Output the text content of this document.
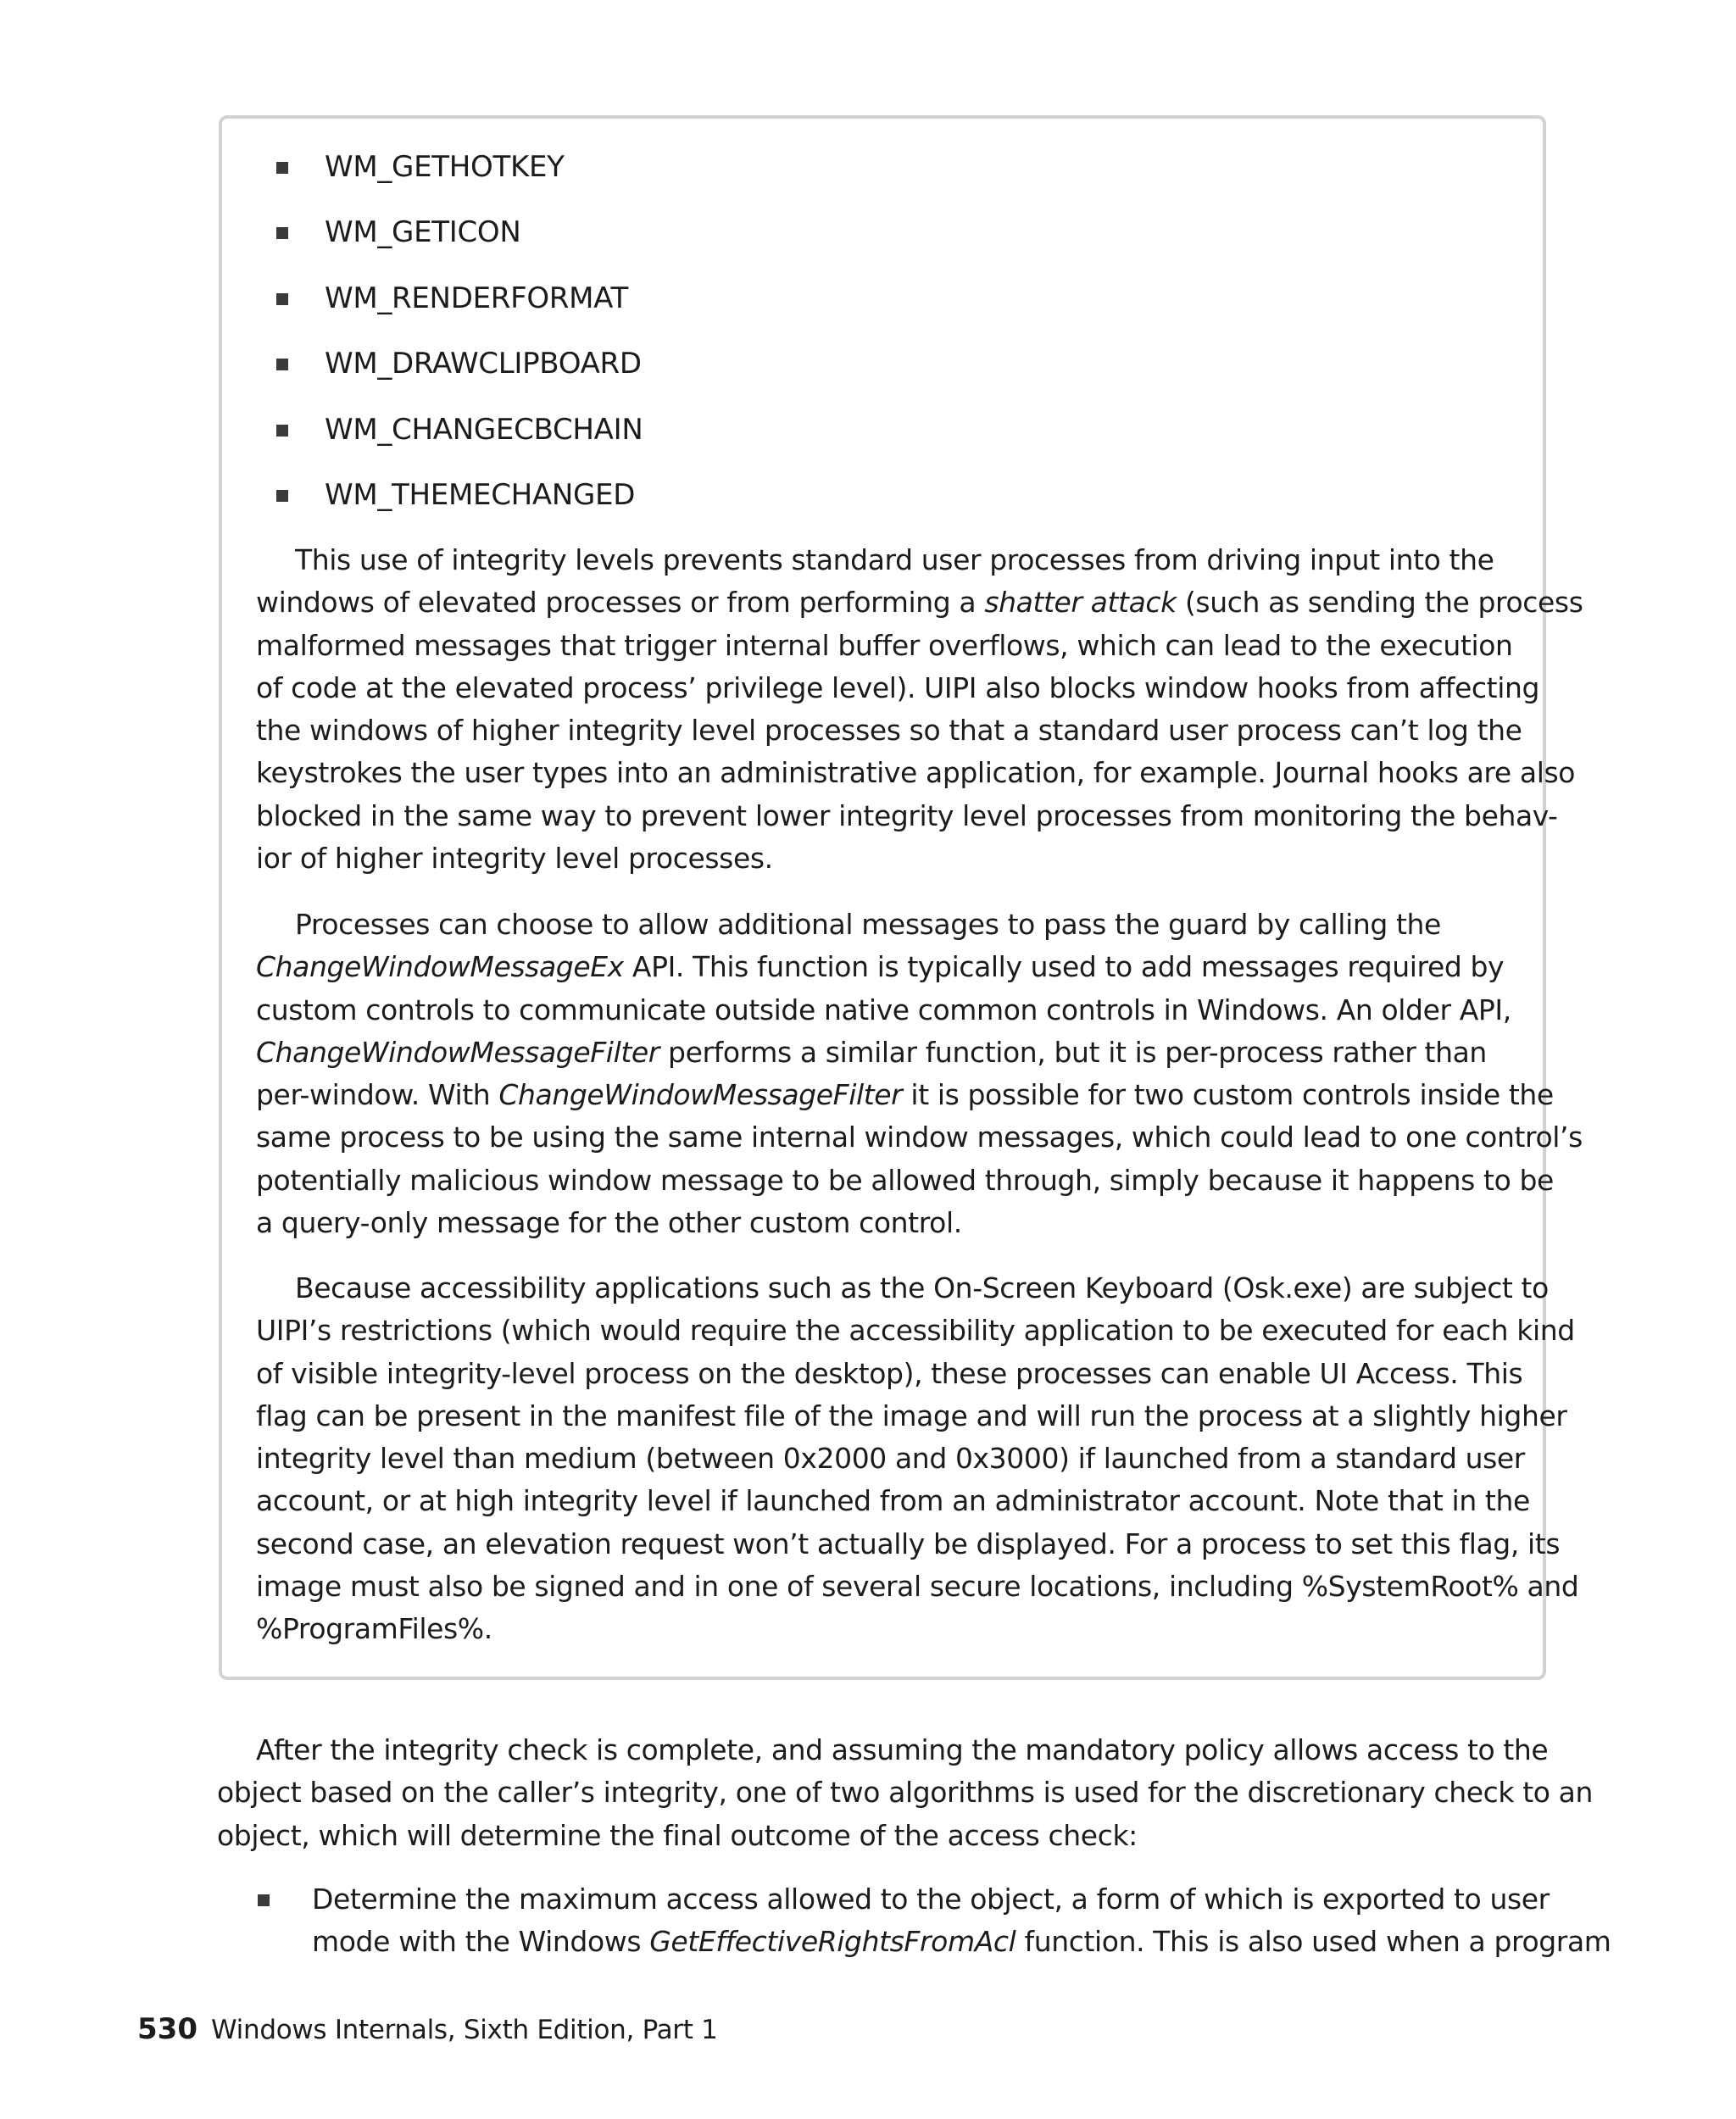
WM_GETHOTKEY
WM_GETICON
WM_RENDERFORMAT
WM_DRAWCLIPBOARD
WM_CHANGECBCHAIN
WM_THEMECHANGED

This use of integrity levels prevents standard user processes from driving input into the
windows of elevated processes or from performing a shatter attack (such as sending the process
malformed messages that trigger internal buffer overflows, which can lead to the execution
of code at the elevated process’ privilege level). UIPI also blocks window hooks from affecting
the windows of higher integrity level processes so that a standard user process can’t log the
keystrokes the user types into an administrative application, for example. Journal hooks are also
blocked in the same way to prevent lower integrity level processes from monitoring the behav-
ior of higher integrity level processes.

Processes can choose to allow additional messages to pass the guard by calling the
ChangeWindowMessageEx API. This function is typically used to add messages required by
custom controls to communicate outside native common controls in Windows. An older API,
ChangeWindowMessageFilter performs a similar function, but it is per-process rather than
per-window. With ChangeWindowMessageFilter it is possible for two custom controls inside the
same process to be using the same internal window messages, which could lead to one control’s
potentially malicious window message to be allowed through, simply because it happens to be
a query-only message for the other custom control.

Because accessibility applications such as the On-Screen Keyboard (Osk.exe) are subject to
UIPI’s restrictions (which would require the accessibility application to be executed for each kind
of visible integrity-level process on the desktop), these processes can enable UI Access. This
flag can be present in the manifest file of the image and will run the process at a slightly higher
integrity level than medium (between 0x2000 and 0x3000) if launched from a standard user
account, or at high integrity level if launched from an administrator account. Note that in the
second case, an elevation request won’t actually be displayed. For a process to set this flag, its
image must also be signed and in one of several secure locations, including %SystemRoot% and
%ProgramFiles%.

After the integrity check is complete, and assuming the mandatory policy allows access to the
object based on the caller’s integrity, one of two algorithms is used for the discretionary check to an
object, which will determine the final outcome of the access check:

Determine the maximum access allowed to the object, a form of which is exported to user
mode with the Windows GetEffectiveRightsFromAcl function. This is also used when a program
530 Windows Internals, Sixth Edition, Part 1
